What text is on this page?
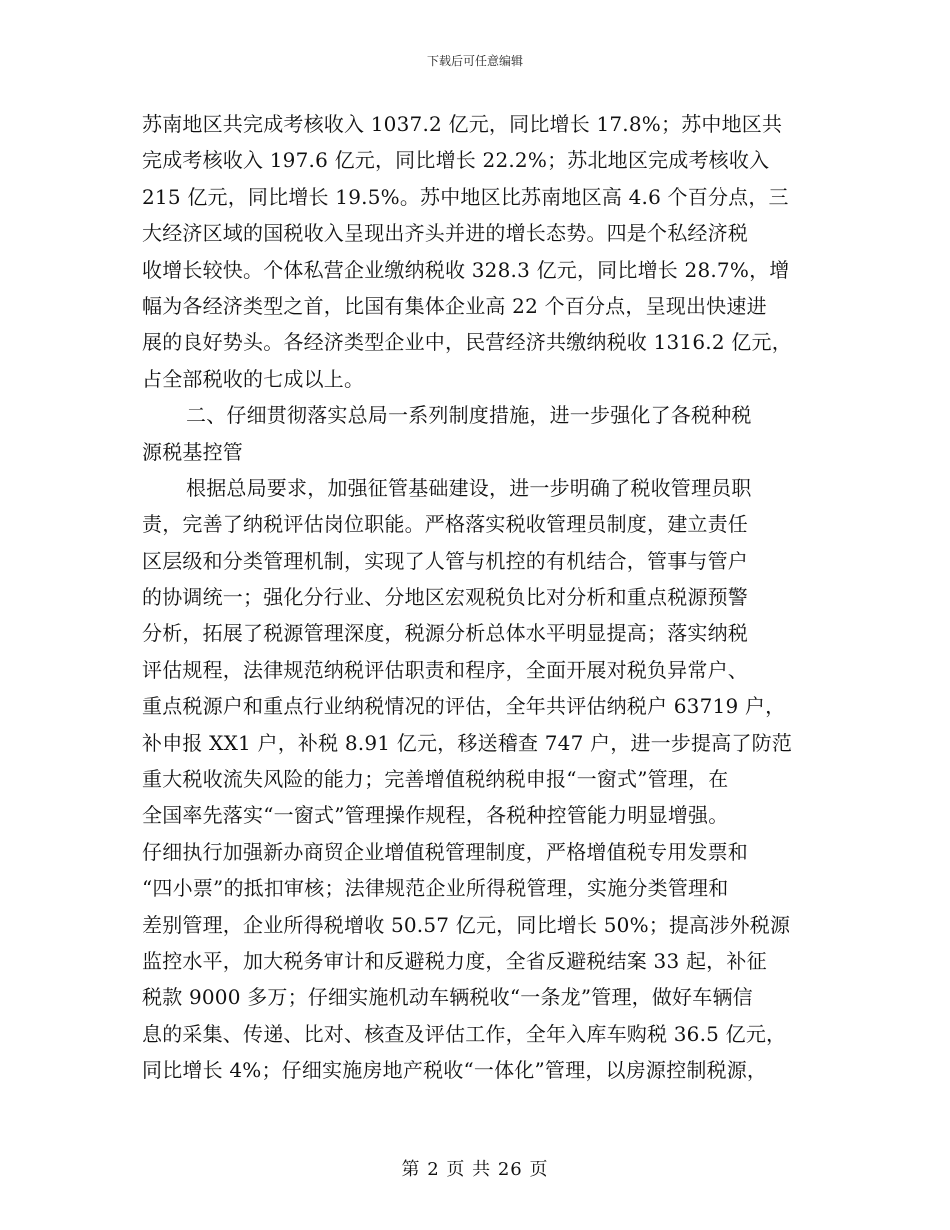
下载后可任意编辑
苏南地区共完成考核收入 1037.2 亿元，同比增长 17.8%；苏中地区共
完成考核收入 197.6 亿元，同比增长 22.2%；苏北地区完成考核收入
215 亿元，同比增长 19.5%。苏中地区比苏南地区高 4.6 个百分点，三
大经济区域的国税收入呈现出齐头并进的增长态势。四是个私经济税
收增长较快。个体私营企业缴纳税收 328.3 亿元，同比增长 28.7%，增
幅为各经济类型之首，比国有集体企业高 22 个百分点，呈现出快速进
展的良好势头。各经济类型企业中，民营经济共缴纳税收 1316.2 亿元，
占全部税收的七成以上。
二、仔细贯彻落实总局一系列制度措施，进一步强化了各税种税
源税基控管
根据总局要求，加强征管基础建设，进一步明确了税收管理员职
责，完善了纳税评估岗位职能。严格落实税收管理员制度，建立责任
区层级和分类管理机制，实现了人管与机控的有机结合，管事与管户
的协调统一；强化分行业、分地区宏观税负比对分析和重点税源预警
分析，拓展了税源管理深度，税源分析总体水平明显提高；落实纳税
评估规程，法律规范纳税评估职责和程序，全面开展对税负异常户、
重点税源户和重点行业纳税情况的评估，全年共评估纳税户 63719 户，
补申报 XX1 户，补税 8.91 亿元，移送稽查 747 户，进一步提高了防范
重大税收流失风险的能力；完善增值税纳税申报“一窗式”管理，在
全国率先落实“一窗式”管理操作规程，各税种控管能力明显增强。
仔细执行加强新办商贸企业增值税管理制度，严格增值税专用发票和
“四小票”的抵扣审核；法律规范企业所得税管理，实施分类管理和
差别管理，企业所得税增收 50.57 亿元，同比增长 50%；提高涉外税源
监控水平，加大税务审计和反避税力度，全省反避税结案 33 起，补征
税款 9000 多万；仔细实施机动车辆税收“一条龙”管理，做好车辆信
息的采集、传递、比对、核查及评估工作，全年入库车购税 36.5 亿元，
同比增长 4%；仔细实施房地产税收“一体化”管理，以房源控制税源，
第 2 页 共 26 页
